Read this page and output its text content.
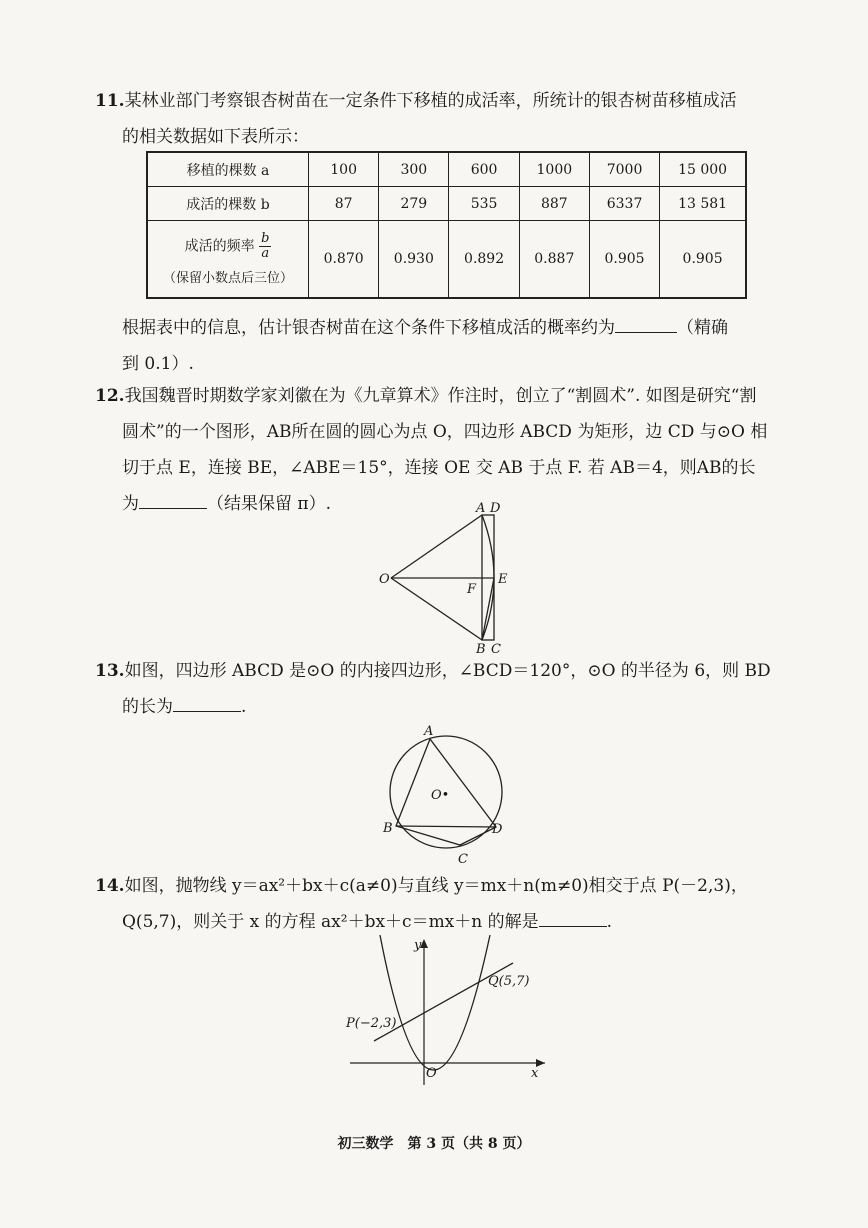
11.某林业部门考察银杏树苗在一定条件下移植的成活率，所统计的银杏树苗移植成活
的相关数据如下表所示：
移植的棵数 a	100	300	600	1000	7000	15 000
成活的棵数 b	87	279	535	887	6337	13 581
成活的频率 $\frac{b}{a}$
（保留小数点后三位）	0.870	0.930	0.892	0.887	0.905	0.905
根据表中的信息，估计银杏树苗在这个条件下移植成活的概率约为	（精确
到 0.1）.
12.我国魏晋时期数学家刘徽在为《九章算术》作注时，创立了“割圆术”. 如图是研究“割
圆术”的一个图形，AB所在圆的圆心为点 O，四边形 ABCD 为矩形，边 CD 与⊙O 相
切于点 E，连接 BE，∠ABE＝15°，连接 OE 交 AB 于点 F. 若 AB＝4，则AB的长
为	（结果保留 π）.	A D
O
F
E
B C
13.如图，四边形 ABCD 是⊙O 的内接四边形，∠BCD＝120°，⊙O 的半径为 6，则 BD
的长为	.
A
O•
B	D
C
14.如图，抛物线 y＝ax²＋bx＋c(a≠0)与直线 y＝mx＋n(m≠0)相交于点 P(－2,3)，
Q(5,7)，则关于 x 的方程 ax²＋bx＋c＝mx＋n 的解是	.
y
x
O
P(−2,3)
Q(5,7)
初三数学　第 3 页（共 8 页）
